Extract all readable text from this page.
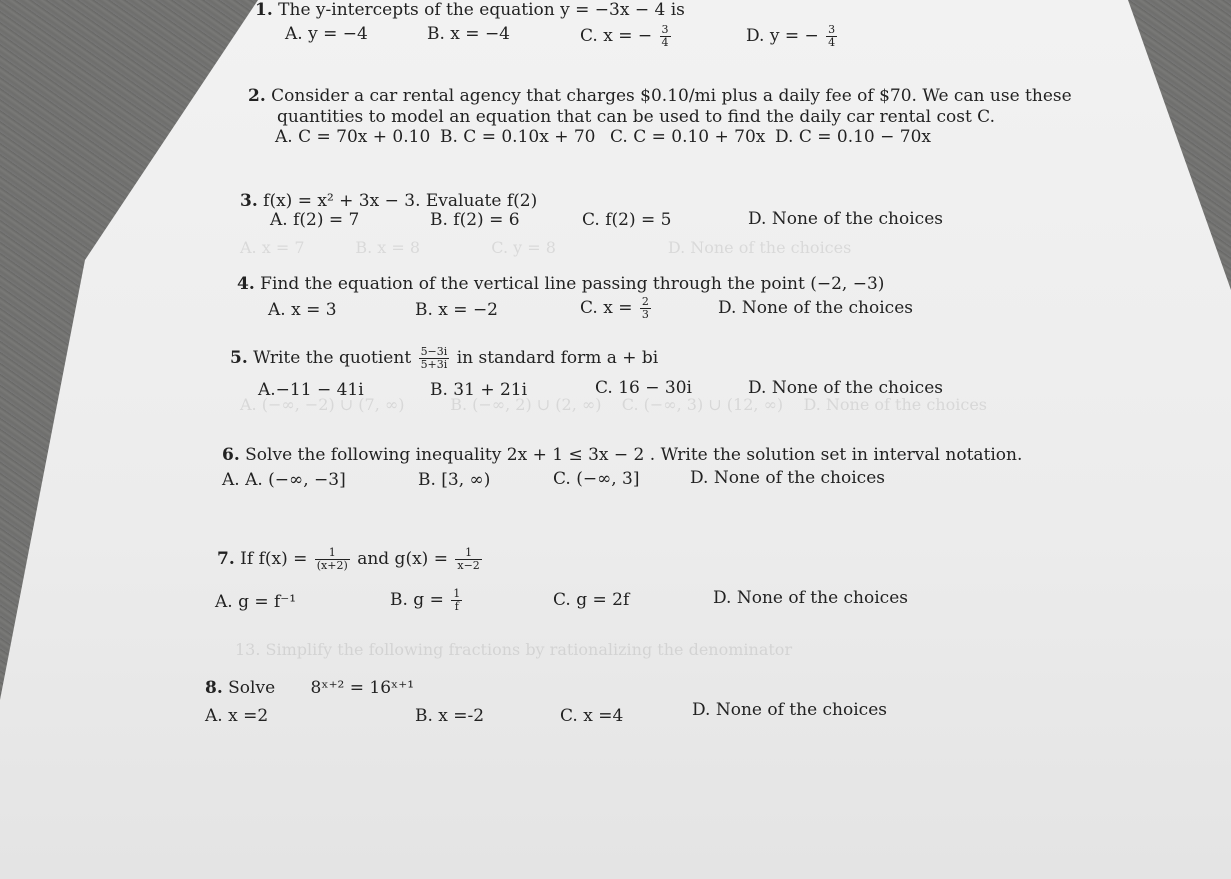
A. x = 7          B. x = 8              C. y = 8                      D. None of the choices
A. (−∞, −2) ∪ (7, ∞)         B. (−∞, 2) ∪ (2, ∞)    C. (−∞, 3) ∪ (12, ∞)    D. None of the choices
13. Simplify the following fractions by rationalizing the denominator
1. The y-intercepts of the equation y = −3x − 4 is
A. y = −4	B. x = −4	C. x = − $\frac{3}{4}$	D. y = − $\frac{3}{4}$
2. Consider a car rental agency that charges $0.10/mi plus a daily fee of $70. We can use these
quantities to model an equation that can be used to find the daily car rental cost C.
A. C = 70x + 0.10 B. C = 0.10x + 70 C. C = 0.10 + 70x D. C = 0.10 − 70x
3. f(x) = x² + 3x − 3. Evaluate f(2)
A. f(2) = 7	B. f(2) = 6	C. f(2) = 5	D. None of the choices
4. Find the equation of the vertical line passing through the point (−2, −3)
A. x = 3	B. x = −2	C. $x = \frac{2}{3}$	D. None of the choices
5. Write the quotient $\frac{5-3i}{5+3i}$ in standard form a + bi
A.−11 − 41i	B. 31 + 21i	C. 16 − 30i	D. None of the choices
6. Solve the following inequality 2x + 1 ≤ 3x − 2 . Write the solution set in interval notation.
A. A. (−∞, −3]	B. [3, ∞)	C. (−∞, 3]	D. None of the choices
7. If $f(x) = \frac{1}{(x+2)}$ and $g(x) = \frac{1}{x-2}$
A. g = f⁻¹	B. $g = \frac{1}{f}$	C. g = 2f	D. None of the choices
8. Solve 8ˣ⁺² = 16ˣ⁺¹
A. x =2	B. x =-2	C. x =4	D. None of the choices
